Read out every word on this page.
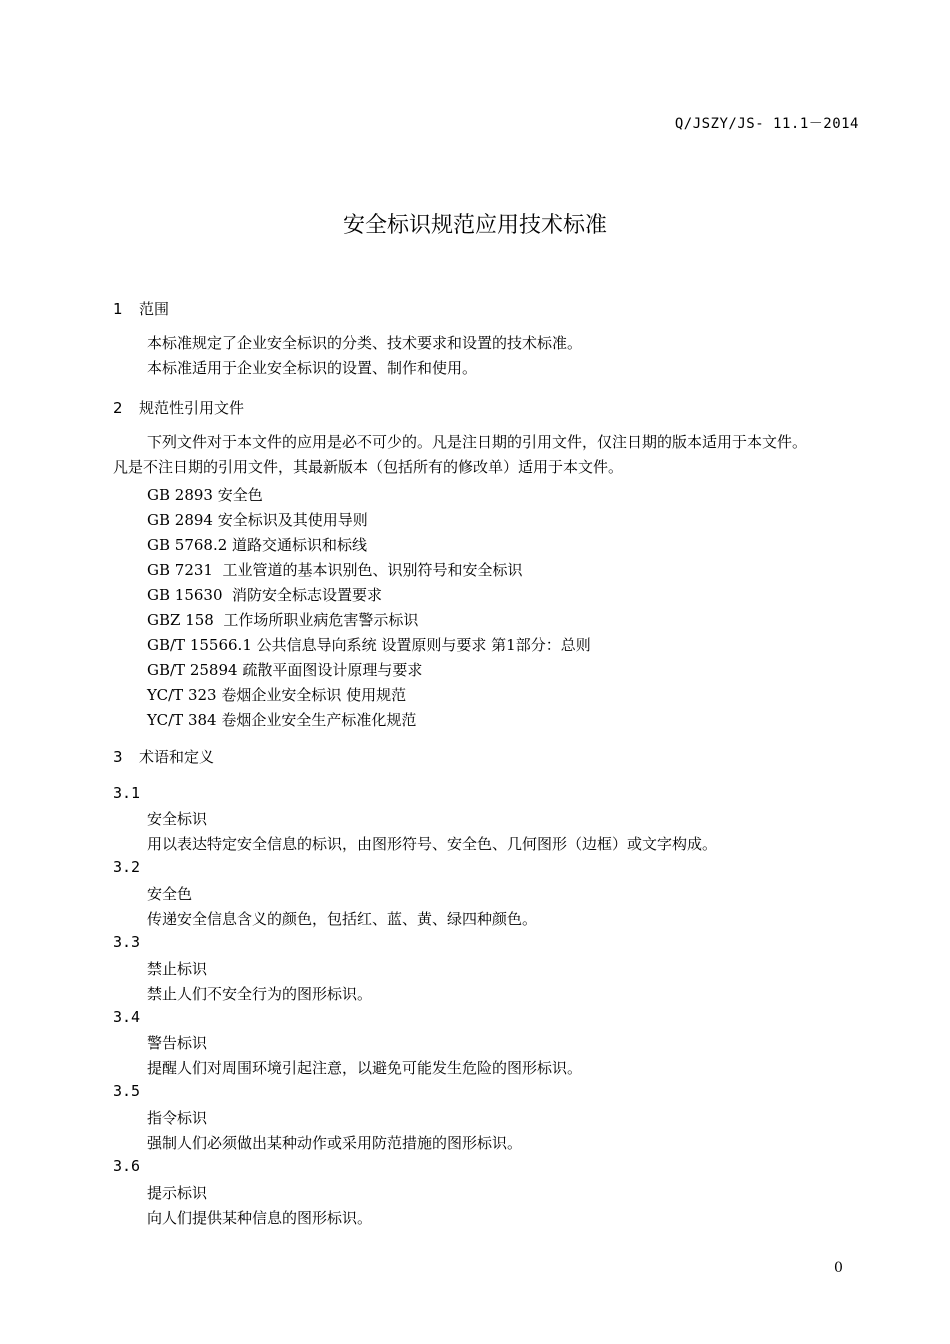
Q/JSZY/JS- 11.1－2014
安全标识规范应用技术标准
1 范围
本标准规定了企业安全标识的分类、技术要求和设置的技术标准。
本标准适用于企业安全标识的设置、制作和使用。
2 规范性引用文件
下列文件对于本文件的应用是必不可少的。凡是注日期的引用文件，仅注日期的版本适用于本文件。
凡是不注日期的引用文件，其最新版本（包括所有的修改单）适用于本文件。
GB 2893 安全色
GB 2894 安全标识及其使用导则
GB 5768.2 道路交通标识和标线
GB 7231  工业管道的基本识别色、识别符号和安全标识
GB 15630  消防安全标志设置要求
GBZ 158  工作场所职业病危害警示标识
GB/T 15566.1 公共信息导向系统 设置原则与要求 第1部分：总则
GB/T 25894 疏散平面图设计原理与要求
YC/T 323 卷烟企业安全标识 使用规范
YC/T 384 卷烟企业安全生产标准化规范
3 术语和定义
3.1
安全标识
用以表达特定安全信息的标识，由图形符号、安全色、几何图形（边框）或文字构成。
3.2
安全色
传递安全信息含义的颜色，包括红、蓝、黄、绿四种颜色。
3.3
禁止标识
禁止人们不安全行为的图形标识。
3.4
警告标识
提醒人们对周围环境引起注意，以避免可能发生危险的图形标识。
3.5
指令标识
强制人们必须做出某种动作或采用防范措施的图形标识。
3.6
提示标识
向人们提供某种信息的图形标识。
0
